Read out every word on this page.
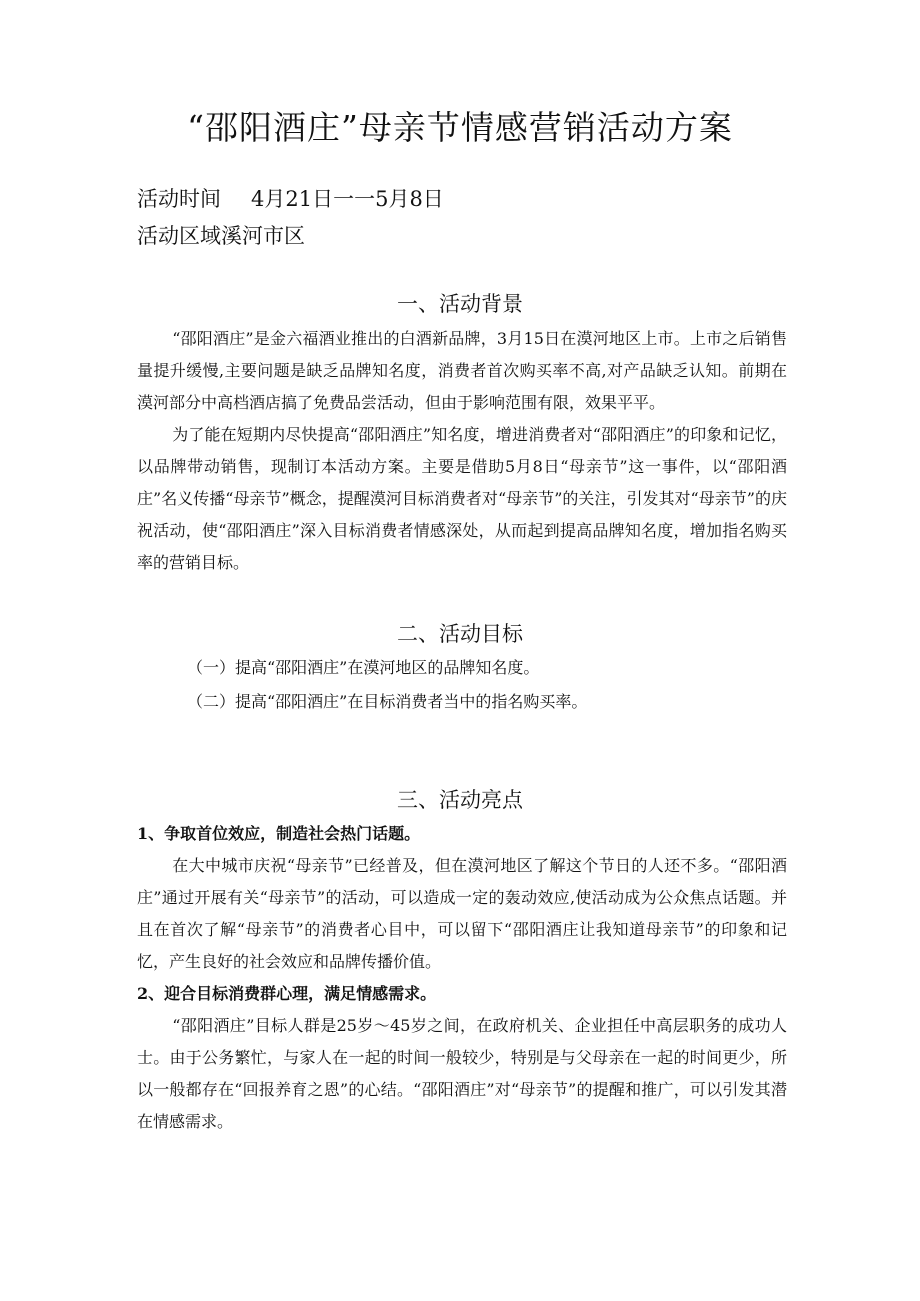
“邵阳酒庄”母亲节情感营销活动方案
活动时间 4月21日一一5月8日
活动区域溪河市区
一、活动背景

“邵阳酒庄”是金六福酒业推出的白酒新品牌，3月15日在漠河地区上市。上市之后销售量提升缓慢,主要问题是缺乏品牌知名度，消费者首次购买率不高,对产品缺乏认知。前期在漠河部分中高档酒店搞了免费品尝活动，但由于影响范围有限，效果平平。

为了能在短期内尽快提高“邵阳酒庄”知名度，增进消费者对“邵阳酒庄”的印象和记忆，以品牌带动销售，现制订本活动方案。主要是借助5月8日“母亲节”这一事件，以“邵阳酒庄”名义传播“母亲节”概念，提醒漠河目标消费者对“母亲节”的关注，引发其对“母亲节”的庆祝活动，使“邵阳酒庄”深入目标消费者情感深处，从而起到提高品牌知名度，增加指名购买率的营销目标。

二、活动目标
（一）提高“邵阳酒庄”在漠河地区的品牌知名度。
（二）提高“邵阳酒庄”在目标消费者当中的指名购买率。
三、活动亮点

1、争取首位效应，制造社会热门话题。

在大中城市庆祝“母亲节”已经普及，但在漠河地区了解这个节日的人还不多。“邵阳酒庄”通过开展有关“母亲节”的活动，可以造成一定的轰动效应,使活动成为公众焦点话题。并且在首次了解“母亲节”的消费者心目中，可以留下“邵阳酒庄让我知道母亲节”的印象和记忆，产生良好的社会效应和品牌传播价值。

2、迎合目标消费群心理，满足情感需求。

“邵阳酒庄”目标人群是25岁～45岁之间，在政府机关、企业担任中高层职务的成功人士。由于公务繁忙，与家人在一起的时间一般较少，特别是与父母亲在一起的时间更少，所以一般都存在“回报养育之恩”的心结。“邵阳酒庄”对“母亲节”的提醒和推广，可以引发其潜在情感需求。
